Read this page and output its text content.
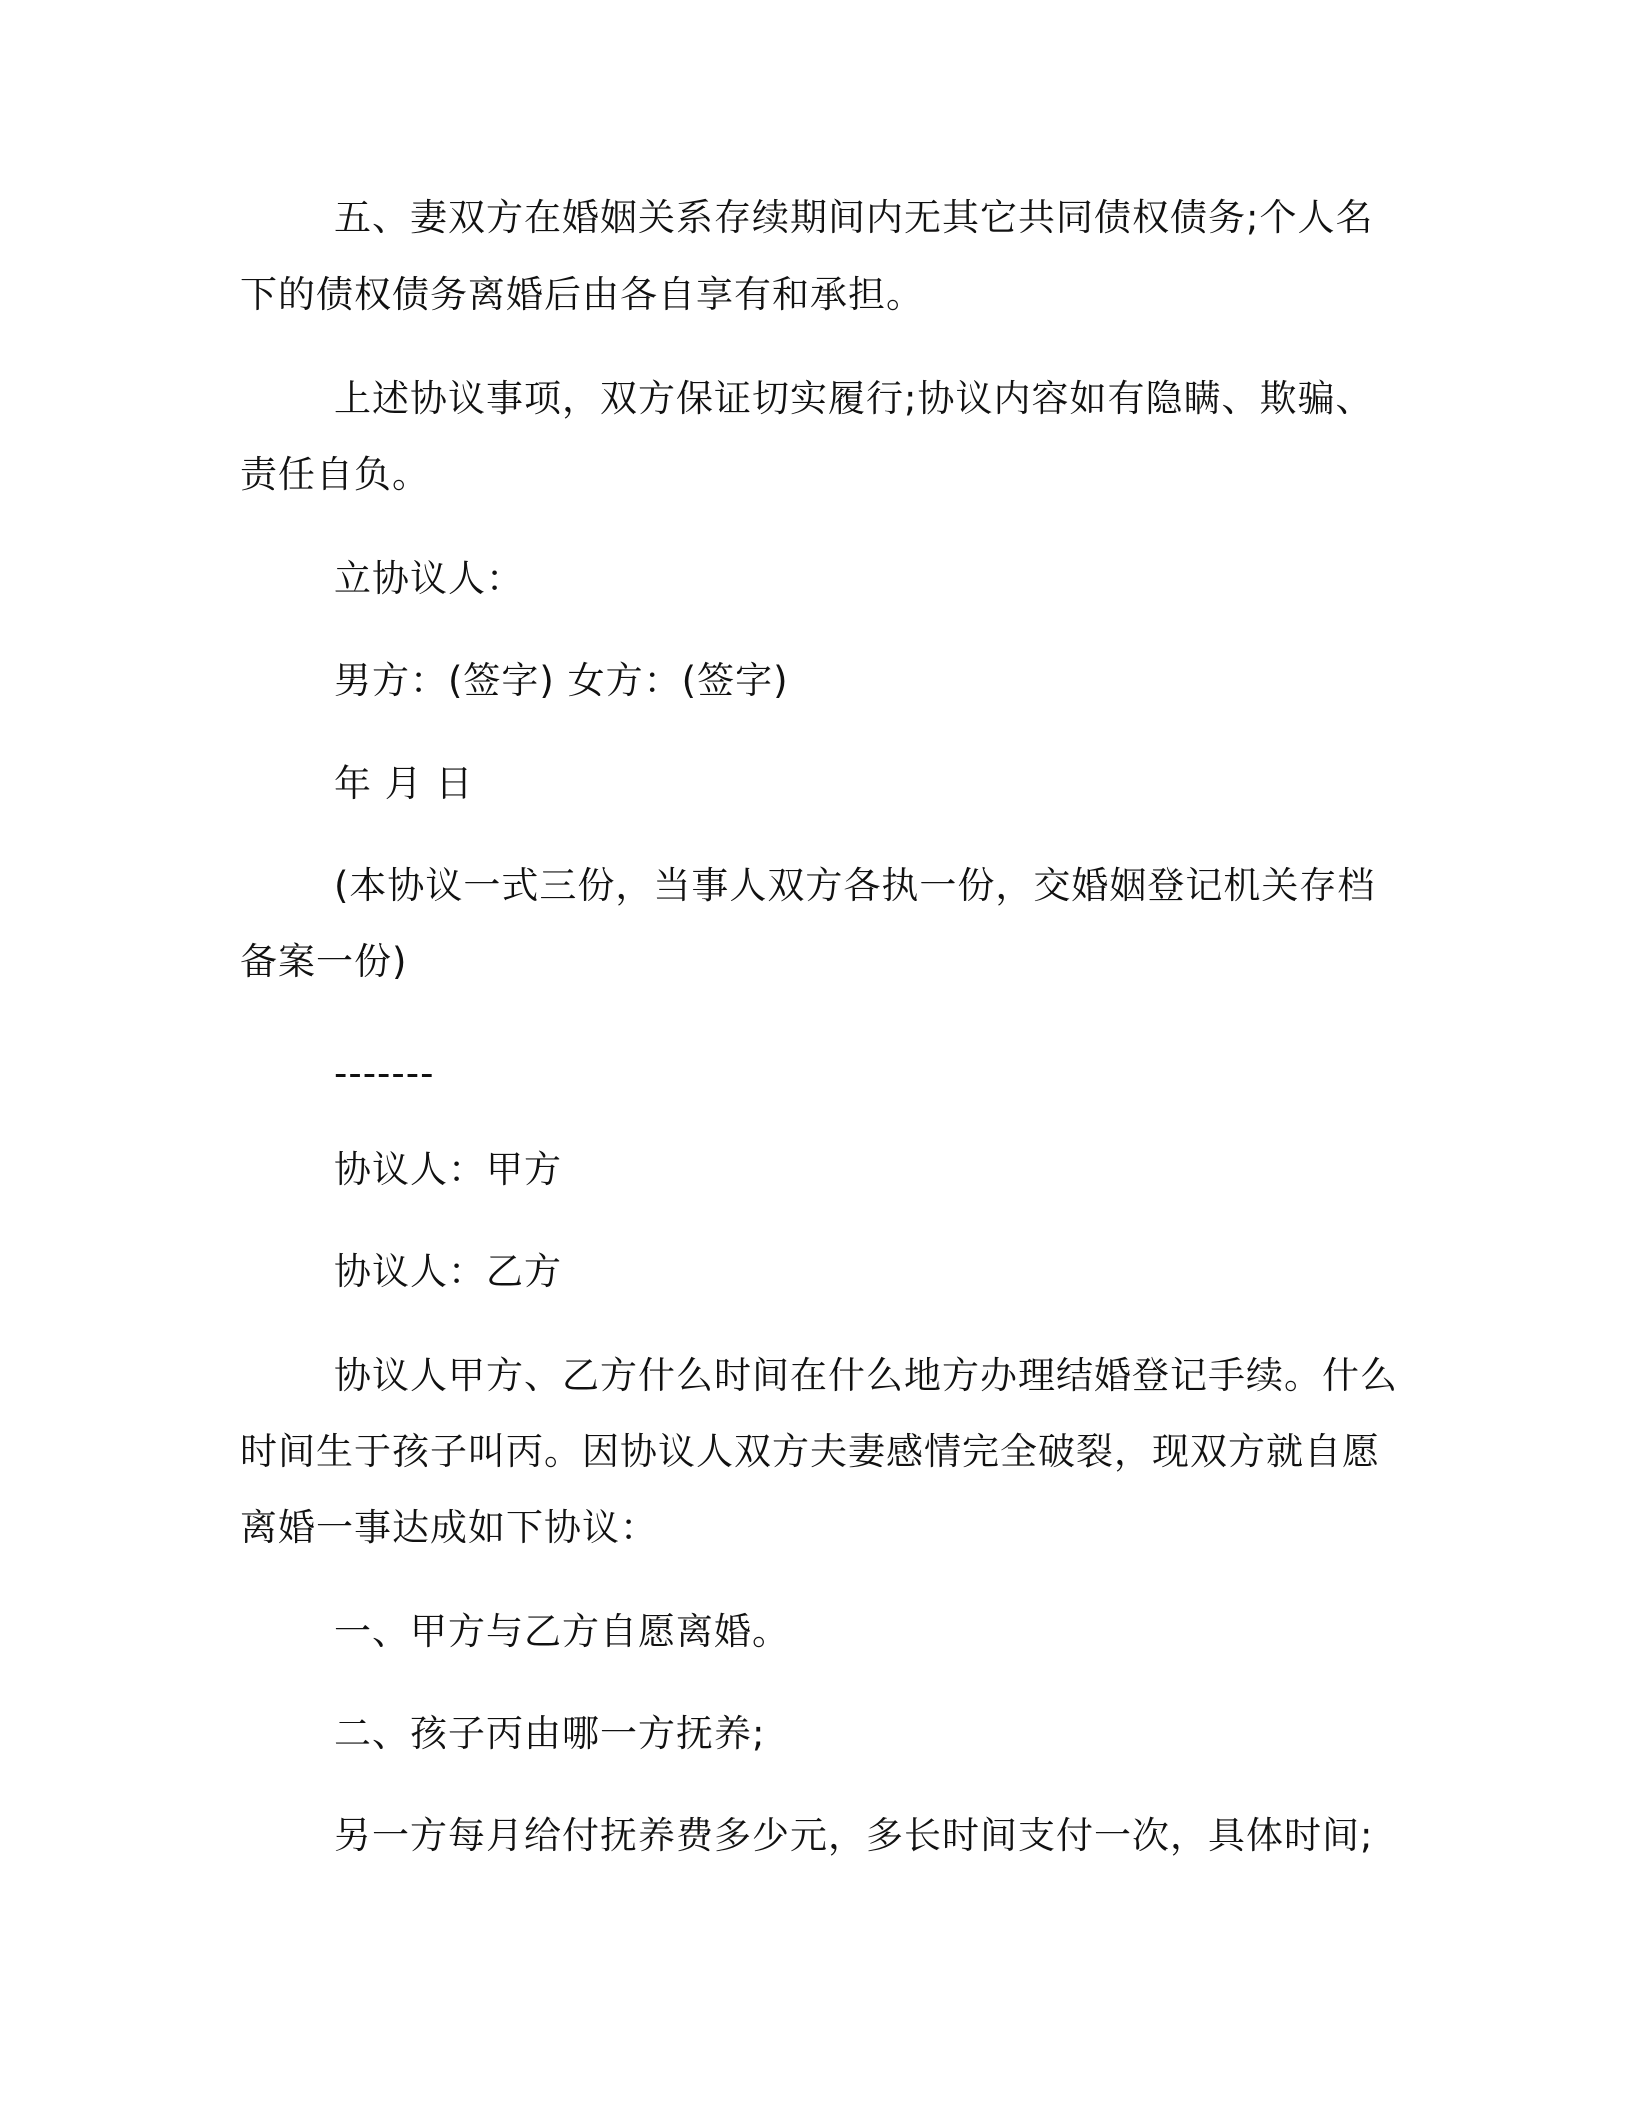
五、妻双方在婚姻关系存续期间内无其它共同债权债务;个人名
下的债权债务离婚后由各自享有和承担。
上述协议事项，双方保证切实履行;协议内容如有隐瞒、欺骗、
责任自负。
立协议人：
男方：(签字) 女方：(签字)
年 月 日
(本协议一式三份，当事人双方各执一份，交婚姻登记机关存档
备案一份)
-------
协议人：甲方
协议人：乙方
协议人甲方、乙方什么时间在什么地方办理结婚登记手续。什么
时间生于孩子叫丙。因协议人双方夫妻感情完全破裂，现双方就自愿
离婚一事达成如下协议：
一、甲方与乙方自愿离婚。
二、孩子丙由哪一方抚养;
另一方每月给付抚养费多少元，多长时间支付一次，具体时间;
